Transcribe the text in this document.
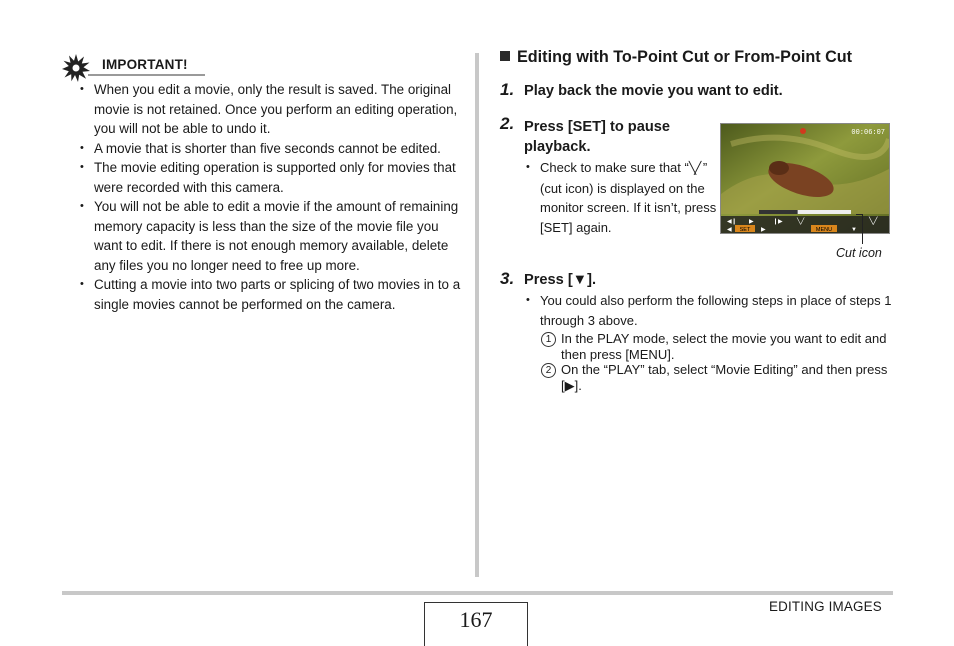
IMPORTANT!
• When you edit a movie, only the result is saved. The original movie is not retained. Once you perform an editing operation, you will not be able to undo it.
• A movie that is shorter than five seconds cannot be edited.
• The movie editing operation is supported only for movies that were recorded with this camera.
• You will not be able to edit a movie if the amount of remaining memory capacity is less than the size of the movie file you want to edit. If there is not enough memory available, delete any files you no longer need to free up more.
• Cutting a movie into two parts or splicing of two movies in to a single movies cannot be performed on the camera.
Editing with To-Point Cut or From-Point Cut
1. Play back the movie you want to edit.
2. Press [SET] to pause playback.
• Check to make sure that “╲╱ ” (cut icon) is displayed on the monitor screen. If it isn’t, press [SET] again.
00:06:07
◀❙ ▶	❙▶ ╲╱
◀ SET ▶	MENU	▼
╲╱
Cut icon
3. Press [▼].
• You could also perform the following steps in place of steps 1 through 3 above.
1 In the PLAY mode, select the movie you want to edit and then press [MENU].
2 On the “PLAY” tab, select “Movie Editing” and then press [▶].
167
EDITING IMAGES
